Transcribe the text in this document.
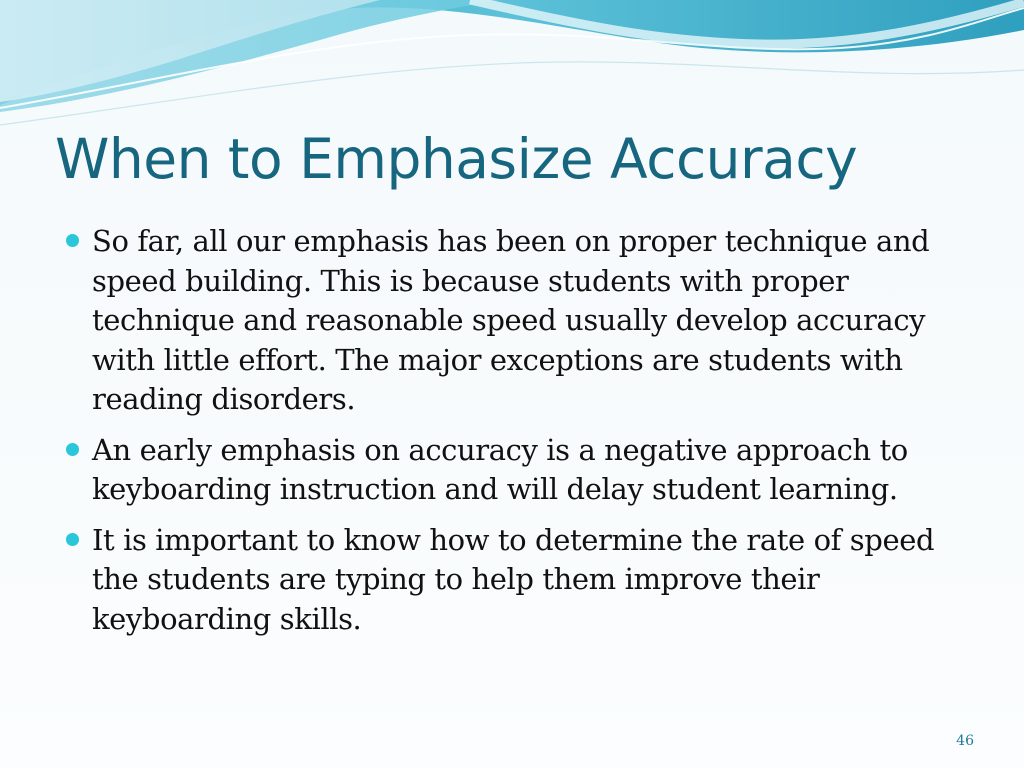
When to Emphasize Accuracy
So far, all our emphasis has been on proper technique and speed building. This is because students with proper technique and reasonable speed usually develop accuracy with little effort. The major exceptions are students with reading disorders.
An early emphasis on accuracy is a negative approach to keyboarding instruction and will delay student learning.
It is important to know how to determine the rate of speed the students are typing to help them improve their keyboarding skills.
46
